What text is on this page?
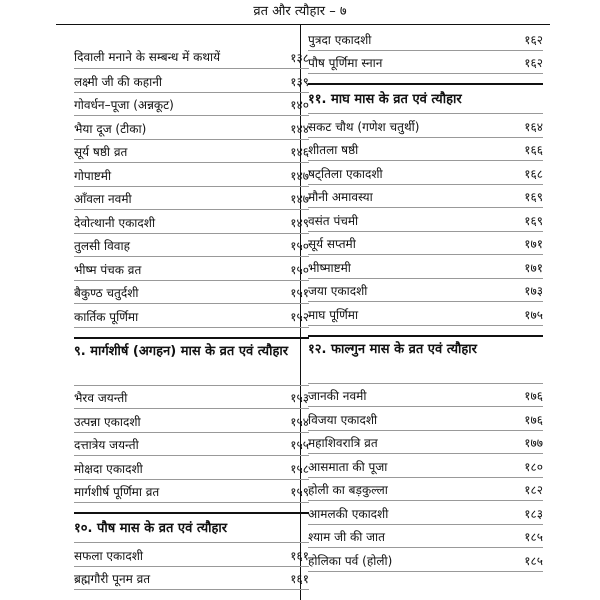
व्रत और त्यौहार – ७
दिवाली मनाने के सम्बन्ध में कथायें	१३८
लक्ष्मी जी की कहानी	१३९
गोवर्धन–पूजा (अन्नकूट)	१४०
भैया दूज (टीका)	१४४
सूर्य षष्ठी व्रत	१४६
गोपाष्टमी	१४७
आँवला नवमी	१४७
देवोत्थानी एकादशी	१४९
तुलसी विवाह	१५०
भीष्म पंचक व्रत	१५०
बैकुण्ठ चतुर्दशी	१५१
कार्तिक पूर्णिमा	१५२
९. मार्गशीर्ष (अगहन) मास के व्रत एवं त्यौहार
भैरव जयन्ती	१५३
उत्पन्ना एकादशी	१५४
दत्तात्रेय जयन्ती	१५५
मोक्षदा एकादशी	१५८
मार्गशीर्ष पूर्णिमा व्रत	१५९
१०. पौष मास के व्रत एवं त्यौहार
सफला एकादशी	१६१
ब्रह्मगौरी पूनम व्रत	१६१
पुत्रदा एकादशी	१६२
पौष पूर्णिमा स्नान	१६२
११. माघ मास के व्रत एवं त्यौहार
सकट चौथ (गणेश चतुर्थी)	१६४
शीतला षष्ठी	१६६
षट्तिला एकादशी	१६८
मौनी अमावस्या	१६९
वसंत पंचमी	१६९
सूर्य सप्तमी	१७१
भीष्माष्टमी	१७१
जया एकादशी	१७३
माघ पूर्णिमा	१७५
१२. फाल्गुन मास के व्रत एवं त्यौहार
जानकी नवमी	१७६
विजया एकादशी	१७६
महाशिवरात्रि व्रत	१७७
आसमाता की पूजा	१८०
होली का बड़कुल्ला	१८२
आमलकी एकादशी	१८३
श्याम जी की जात	१८५
होलिका पर्व (होली)	१८५
